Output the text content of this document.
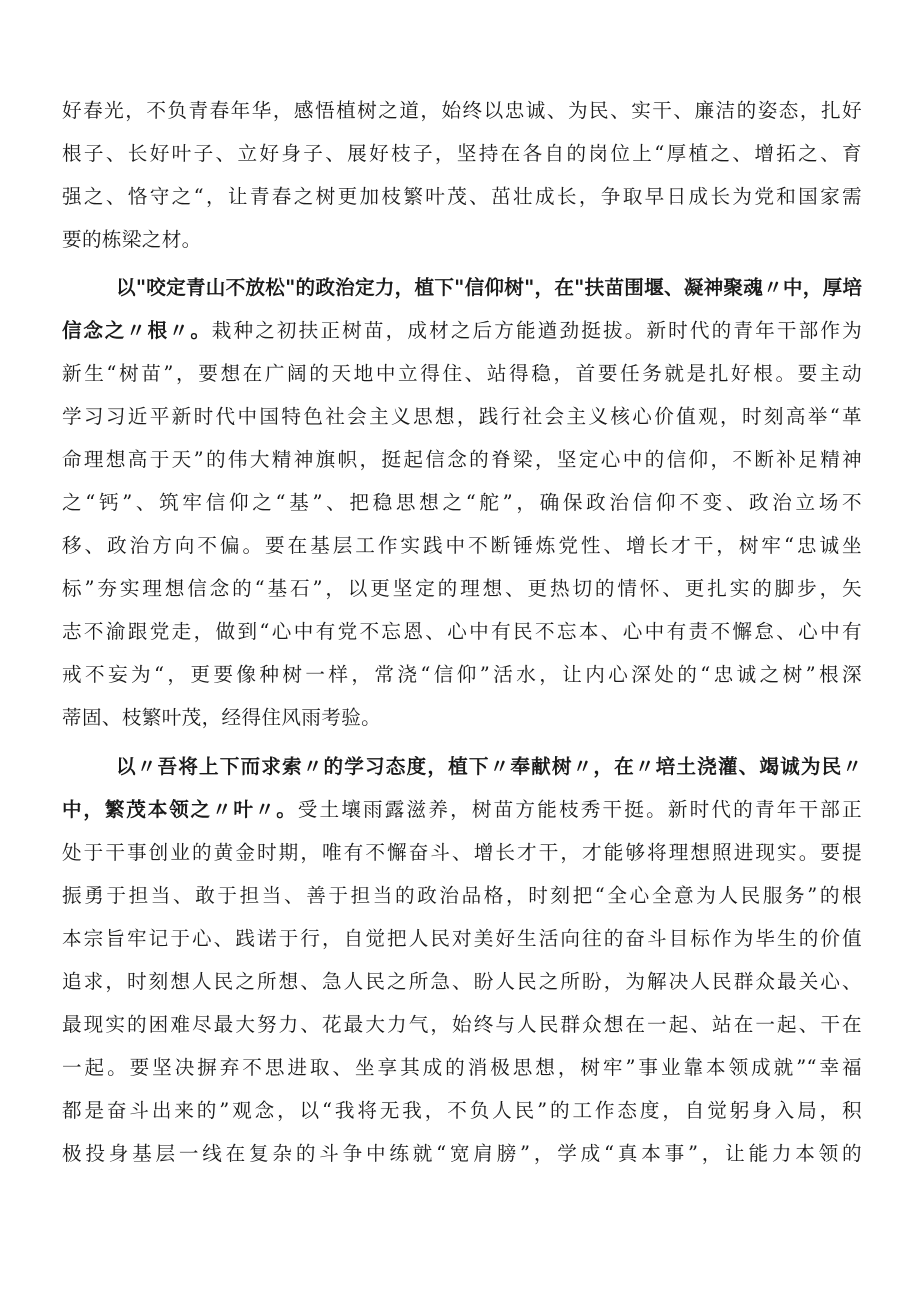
好春光，不负青春年华，感悟植树之道，始终以忠诚、为民、实干、廉洁的姿态，扎好
根子、长好叶子、立好身子、展好枝子，坚持在各自的岗位上“厚植之、增拓之、育
强之、恪守之“，让青春之树更加枝繁叶茂、茁壮成长，争取早日成长为党和国家需
要的栋梁之材。
以"咬定青山不放松"的政治定力，植下"信仰树"，在"扶苗围堰、凝神聚魂〃中，厚培
信念之〃根〃。栽种之初扶正树苗，成材之后方能遒劲挺拔。新时代的青年干部作为
新生“树苗”，要想在广阔的天地中立得住、站得稳，首要任务就是扎好根。要主动
学习习近平新时代中国特色社会主义思想，践行社会主义核心价值观，时刻高举“革
命理想高于天”的伟大精神旗帜，挺起信念的脊梁，坚定心中的信仰，不断补足精神
之“钙”、筑牢信仰之“基”、把稳思想之“舵”，确保政治信仰不变、政治立场不
移、政治方向不偏。要在基层工作实践中不断锤炼党性、增长才干，树牢“忠诚坐
标”夯实理想信念的“基石”，以更坚定的理想、更热切的情怀、更扎实的脚步，矢
志不渝跟党走，做到“心中有党不忘恩、心中有民不忘本、心中有责不懈怠、心中有
戒不妄为“，更要像种树一样，常浇“信仰”活水，让内心深处的“忠诚之树”根深
蒂固、枝繁叶茂，经得住风雨考验。
以〃吾将上下而求索〃的学习态度，植下〃奉献树〃，在〃培土浇灌、竭诚为民〃
中，繁茂本领之〃叶〃。受土壤雨露滋养，树苗方能枝秀干挺。新时代的青年干部正
处于干事创业的黄金时期，唯有不懈奋斗、增长才干，才能够将理想照进现实。要提
振勇于担当、敢于担当、善于担当的政治品格，时刻把“全心全意为人民服务”的根
本宗旨牢记于心、践诺于行，自觉把人民对美好生活向往的奋斗目标作为毕生的价值
追求，时刻想人民之所想、急人民之所急、盼人民之所盼，为解决人民群众最关心、
最现实的困难尽最大努力、花最大力气，始终与人民群众想在一起、站在一起、干在
一起。要坚决摒弃不思进取、坐享其成的消极思想，树牢”事业靠本领成就”“幸福
都是奋斗出来的”观念，以“我将无我，不负人民”的工作态度，自觉躬身入局，积
极投身基层一线在复杂的斗争中练就“宽肩膀”，学成“真本事”，让能力本领的
